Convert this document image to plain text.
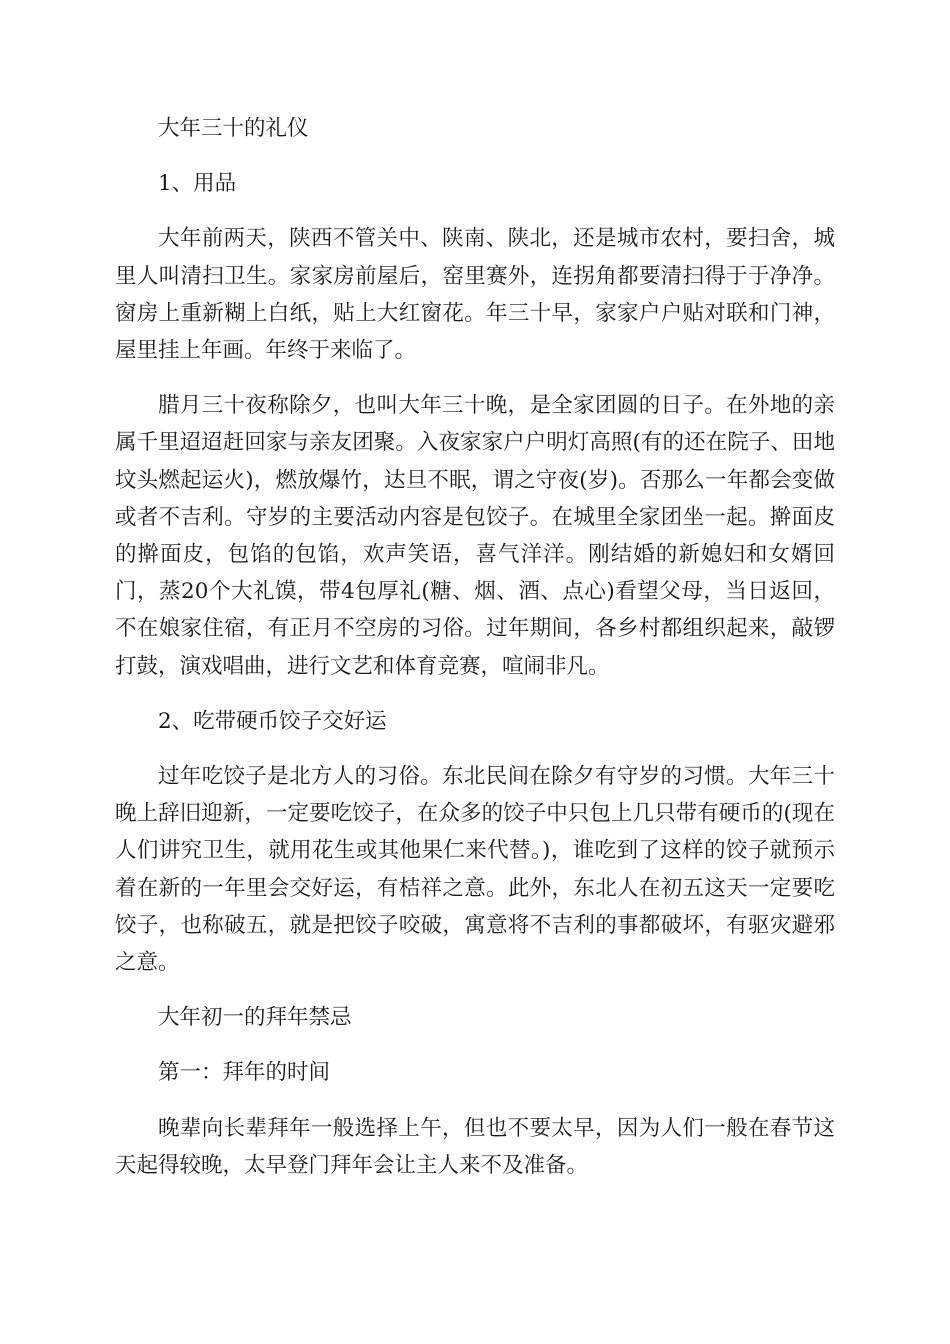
大年三十的礼仪

1、用品

大年前两天，陕西不管关中、陕南、陕北，还是城市农村，要扫舍，城里人叫清扫卫生。家家房前屋后，窑里赛外，连拐角都要清扫得于于净净。窗房上重新糊上白纸，贴上大红窗花。年三十早，家家户户贴对联和门神，屋里挂上年画。年终于来临了。

腊月三十夜称除夕，也叫大年三十晚，是全家团圆的日子。在外地的亲属千里迢迢赶回家与亲友团聚。入夜家家户户明灯高照(有的还在院子、田地坟头燃起运火)，燃放爆竹，达旦不眠，谓之守夜(岁)。否那么一年都会变做或者不吉利。守岁的主要活动内容是包饺子。在城里全家团坐一起。擀面皮的擀面皮，包馅的包馅，欢声笑语，喜气洋洋。刚结婚的新媳妇和女婿回门，蒸20个大礼馍，带4包厚礼(糖、烟、酒、点心)看望父母，当日返回，不在娘家住宿，有正月不空房的习俗。过年期间，各乡村都组织起来，敲锣打鼓，演戏唱曲，进行文艺和体育竞赛，喧闹非凡。

2、吃带硬币饺子交好运

过年吃饺子是北方人的习俗。东北民间在除夕有守岁的习惯。大年三十晚上辞旧迎新，一定要吃饺子，在众多的饺子中只包上几只带有硬币的(现在人们讲究卫生，就用花生或其他果仁来代替。)，谁吃到了这样的饺子就预示着在新的一年里会交好运，有桔祥之意。此外，东北人在初五这天一定要吃饺子，也称破五，就是把饺子咬破，寓意将不吉利的事都破坏，有驱灾避邪之意。

大年初一的拜年禁忌

第一：拜年的时间

晚辈向长辈拜年一般选择上午，但也不要太早，因为人们一般在春节这天起得较晚，太早登门拜年会让主人来不及准备。
